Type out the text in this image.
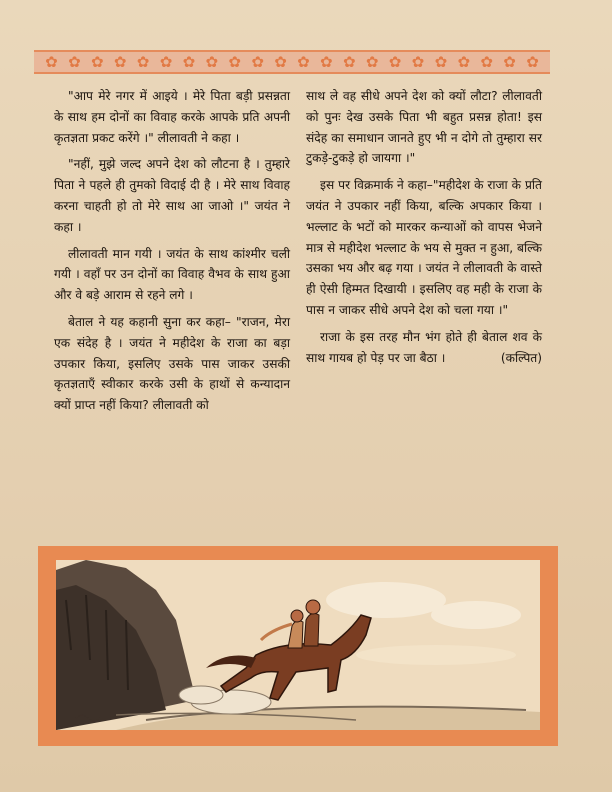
✿ ✿ ✿ ✿ ✿ ✿ ✿ ✿ ✿ ✿ ✿ ✿ ✿ ✿ ✿ ✿ ✿ ✿ ✿ ✿ ✿ ✿

"आप मेरे नगर में आइये । मेरे पिता बड़ी प्रसन्नता के साथ हम दोनों का विवाह करके आपके प्रति अपनी कृतज्ञता प्रकट करेंगे ।" लीलावती ने कहा ।

"नहीं, मुझे जल्द अपने देश को लौटना है । तुम्हारे पिता ने पहले ही तुमको विदाई दी है । मेरे साथ विवाह करना चाहती हो तो मेरे साथ आ जाओ ।" जयंत ने कहा ।

लीलावती मान गयी । जयंत के साथ कांश्मीर चली गयी । वहाँ पर उन दोनों का विवाह वैभव के साथ हुआ और वे बड़े आराम से रहने लगे ।

बेताल ने यह कहानी सुना कर कहा– "राजन, मेरा एक संदेह है । जयंत ने महीदेश के राजा का बड़ा उपकार किया, इसलिए उसके पास जाकर उसकी कृतज्ञताएँ स्वीकार करके उसी के हाथों से कन्यादान क्यों प्राप्त नहीं किया? लीलावती को

साथ ले वह सीधे अपने देश को क्यों लौटा? लीलावती को पुनः देख उसके पिता भी बहुत प्रसन्न होता! इस संदेह का समाधान जानते हुए भी न दोगे तो तुम्हारा सर टुकड़े-टुकड़े हो जायगा ।"

इस पर विक्रमार्क ने कहा–"महीदेश के राजा के प्रति जयंत ने उपकार नहीं किया, बल्कि अपकार किया । भल्लाट के भटों को मारकर कन्याओं को वापस भेजने मात्र से महीदेश भल्लाट के भय से मुक्त न हुआ, बल्कि उसका भय और बढ़ गया । जयंत ने लीलावती के वास्ते ही ऐसी हिम्मत दिखायी । इसलिए वह मही के राजा के पास न जाकर सीधे अपने देश को चला गया ।"

राजा के इस तरह मौन भंग होते ही बेताल शव के साथ गायब हो पेड़ पर जा बैठा ।	(कल्पित)
